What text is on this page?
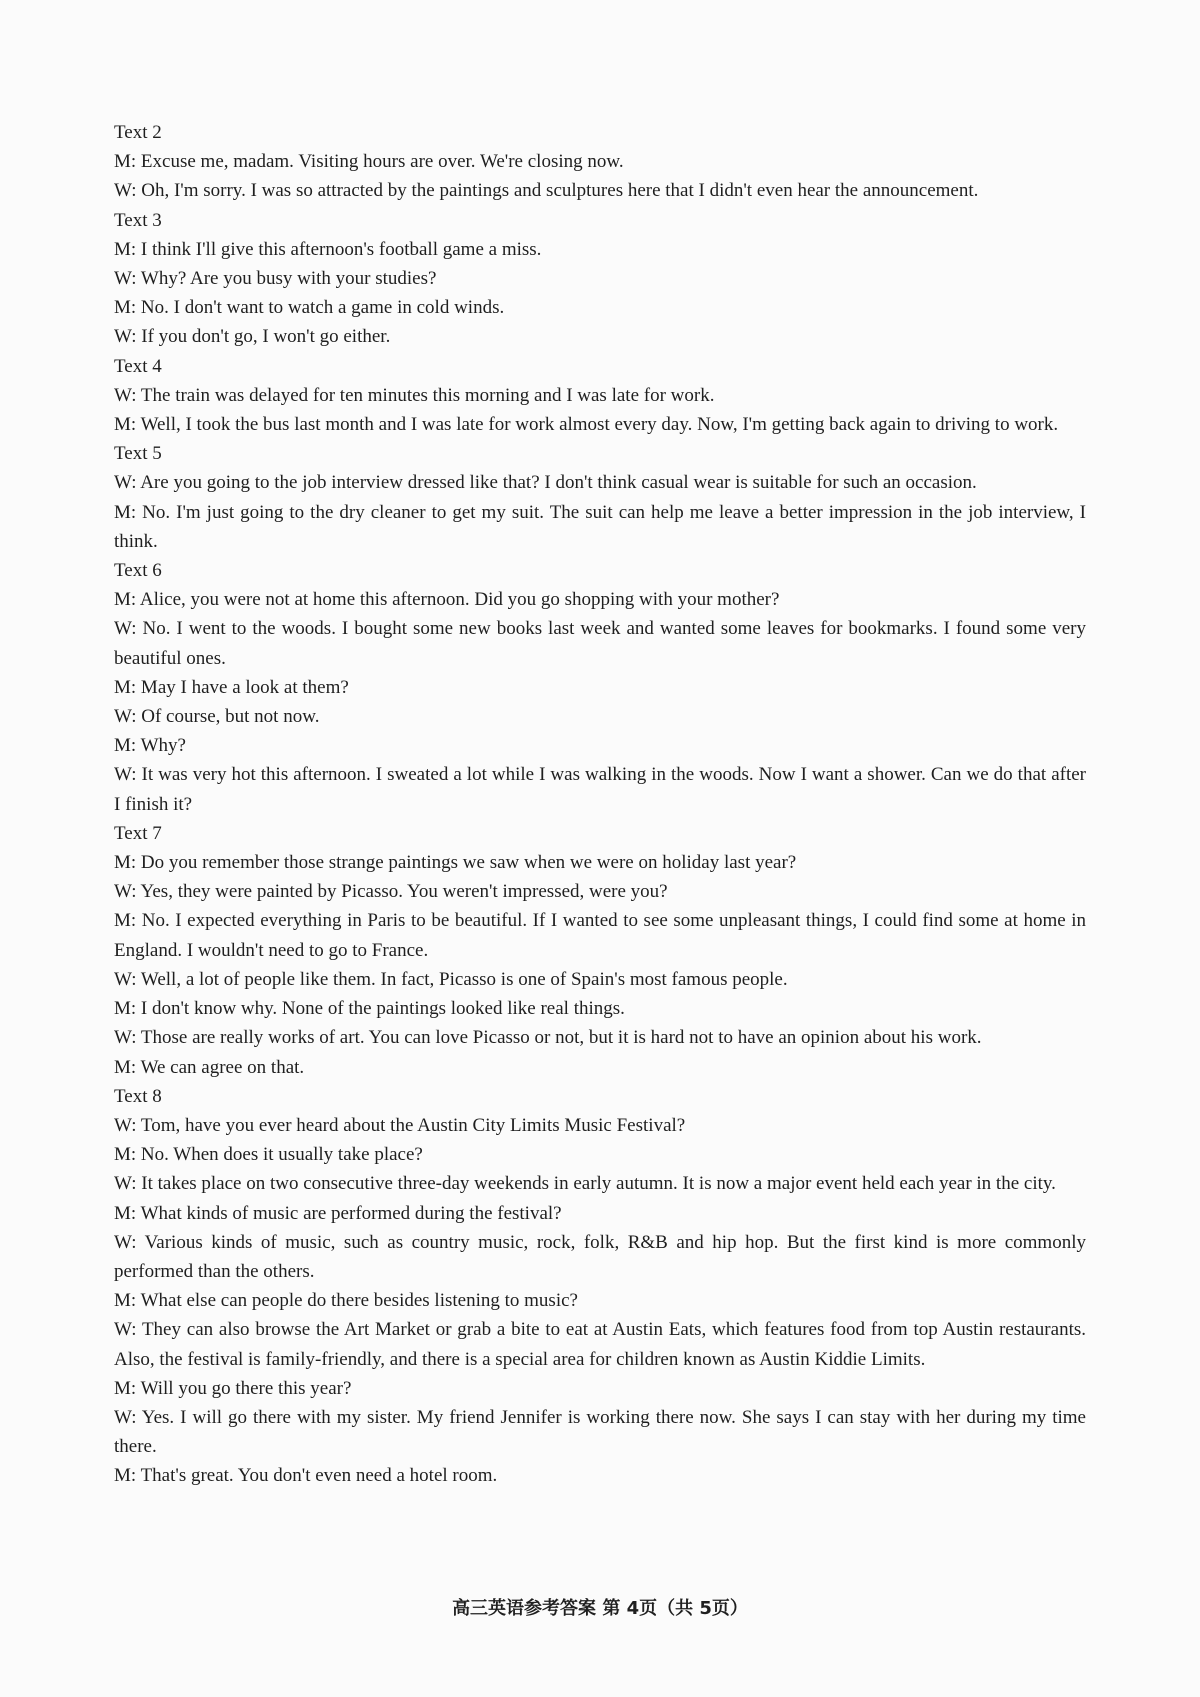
Text 2
M: Excuse me, madam. Visiting hours are over. We're closing now.
W: Oh, I'm sorry. I was so attracted by the paintings and sculptures here that I didn't even hear the announcement.
Text 3
M: I think I'll give this afternoon's football game a miss.
W: Why? Are you busy with your studies?
M: No. I don't want to watch a game in cold winds.
W: If you don't go, I won't go either.
Text 4
W: The train was delayed for ten minutes this morning and I was late for work.
M: Well, I took the bus last month and I was late for work almost every day. Now, I'm getting back again to driving to work.
Text 5
W: Are you going to the job interview dressed like that? I don't think casual wear is suitable for such an occasion.
M: No. I'm just going to the dry cleaner to get my suit. The suit can help me leave a better impression in the job interview, I think.
Text 6
M: Alice, you were not at home this afternoon. Did you go shopping with your mother?
W: No. I went to the woods. I bought some new books last week and wanted some leaves for bookmarks. I found some very beautiful ones.
M: May I have a look at them?
W: Of course, but not now.
M: Why?
W: It was very hot this afternoon. I sweated a lot while I was walking in the woods. Now I want a shower. Can we do that after I finish it?
Text 7
M: Do you remember those strange paintings we saw when we were on holiday last year?
W: Yes, they were painted by Picasso. You weren't impressed, were you?
M: No. I expected everything in Paris to be beautiful. If I wanted to see some unpleasant things, I could find some at home in England. I wouldn't need to go to France.
W: Well, a lot of people like them. In fact, Picasso is one of Spain's most famous people.
M: I don't know why. None of the paintings looked like real things.
W: Those are really works of art. You can love Picasso or not, but it is hard not to have an opinion about his work.
M: We can agree on that.
Text 8
W: Tom, have you ever heard about the Austin City Limits Music Festival?
M: No. When does it usually take place?
W: It takes place on two consecutive three-day weekends in early autumn. It is now a major event held each year in the city.
M: What kinds of music are performed during the festival?
W: Various kinds of music, such as country music, rock, folk, R&B and hip hop. But the first kind is more commonly performed than the others.
M: What else can people do there besides listening to music?
W: They can also browse the Art Market or grab a bite to eat at Austin Eats, which features food from top Austin restaurants. Also, the festival is family-friendly, and there is a special area for children known as Austin Kiddie Limits.
M: Will you go there this year?
W: Yes. I will go there with my sister. My friend Jennifer is working there now. She says I can stay with her during my time there.
M: That's great. You don't even need a hotel room.
高三英语参考答案 第 4页（共 5页）
